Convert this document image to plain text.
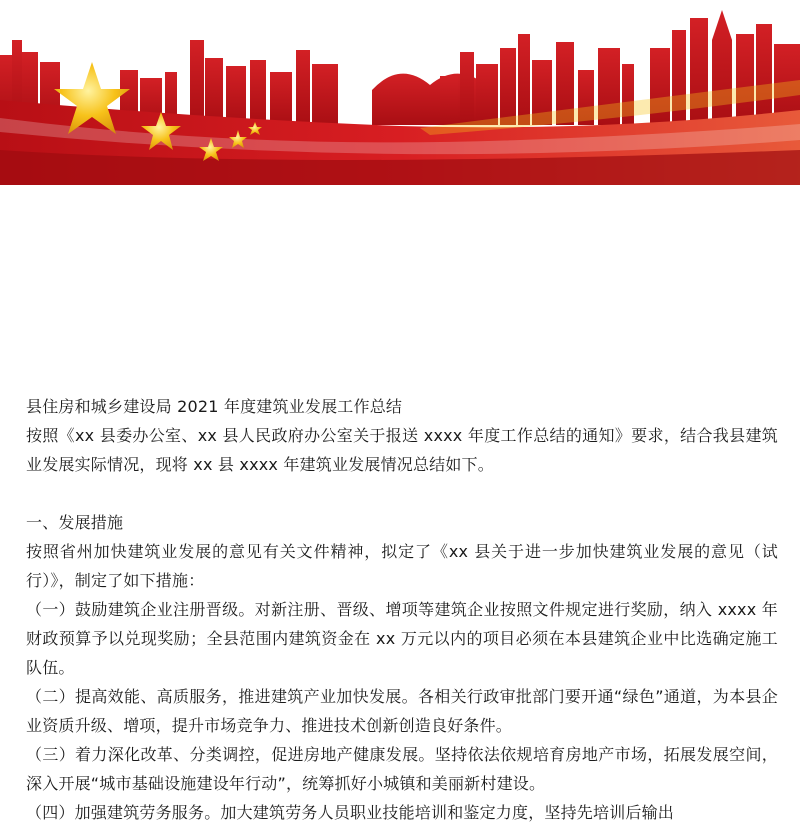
县住房和城乡建设局 2021 年度建筑业发展工作总结

按照《xx 县委办公室、xx 县人民政府办公室关于报送 xxxx 年度工作总结的通知》要求，结合我县建筑业发展实际情况，现将 xx 县 xxxx 年建筑业发展情况总结如下。

一、发展措施

按照省州加快建筑业发展的意见有关文件精神，拟定了《xx 县关于进一步加快建筑业发展的意见（试行）》，制定了如下措施：

（一）鼓励建筑企业注册晋级。对新注册、晋级、增项等建筑企业按照文件规定进行奖励，纳入 xxxx 年财政预算予以兑现奖励；全县范围内建筑资金在 xx 万元以内的项目必须在本县建筑企业中比选确定施工队伍。

（二）提高效能、高质服务，推进建筑产业加快发展。各相关行政审批部门要开通“绿色”通道，为本县企业资质升级、增项，提升市场竞争力、推进技术创新创造良好条件。

（三）着力深化改革、分类调控，促进房地产健康发展。坚持依法依规培育房地产市场，拓展发展空间，深入开展“城市基础设施建设年行动”，统筹抓好小城镇和美丽新村建设。

（四）加强建筑劳务服务。加大建筑劳务人员职业技能培训和鉴定力度，坚持先培训后输出
